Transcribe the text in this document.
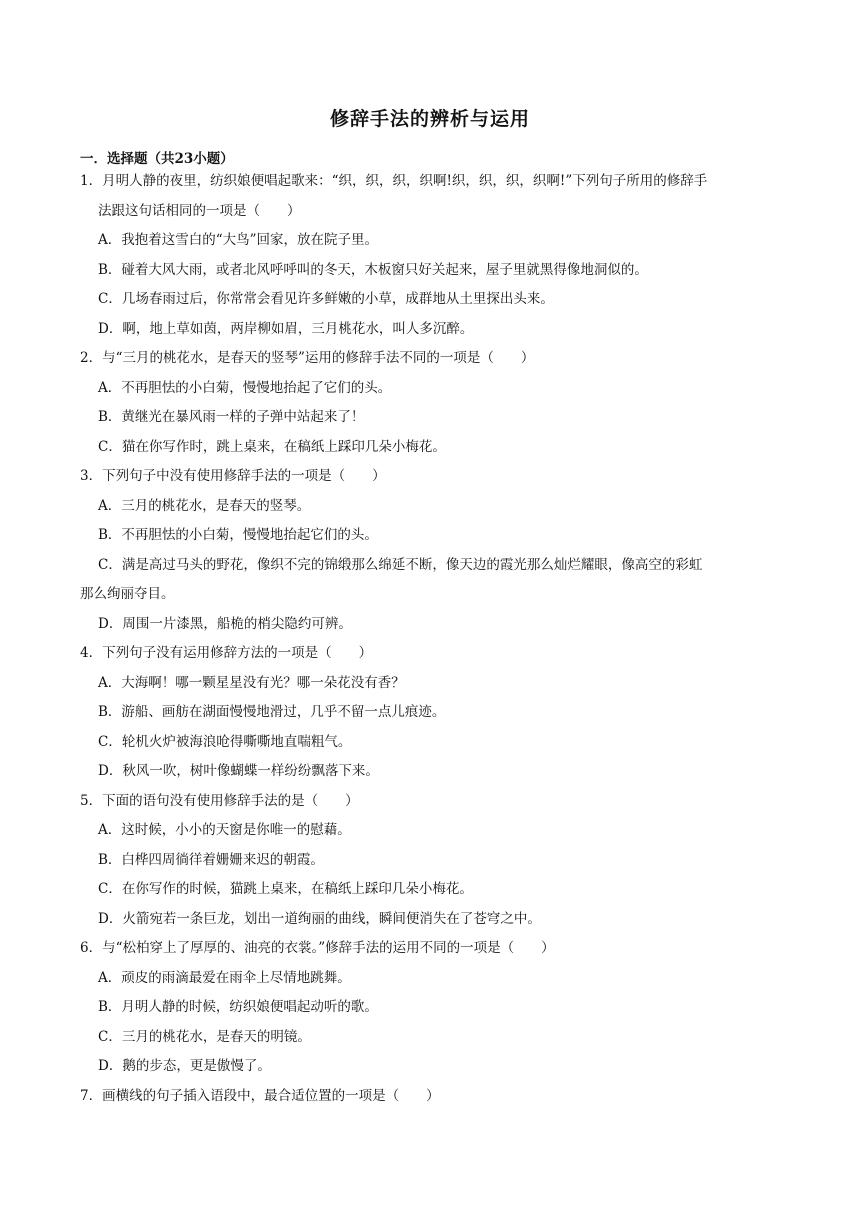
修辞手法的辨析与运用
一．选择题（共23小题）
1．月明人静的夜里，纺织娘便唱起歌来：“织，织，织，织啊!织，织，织，织啊!”下列句子所用的修辞手
法跟这句话相同的一项是（　　）
A．我抱着这雪白的“大鸟”回家，放在院子里。
B．碰着大风大雨，或者北风呼呼叫的冬天，木板窗只好关起来，屋子里就黑得像地洞似的。
C．几场春雨过后，你常常会看见许多鲜嫩的小草，成群地从土里探出头来。
D．啊，地上草如茵，两岸柳如眉，三月桃花水，叫人多沉醉。
2．与“三月的桃花水，是春天的竖琴”运用的修辞手法不同的一项是（　　）
A．不再胆怯的小白菊，慢慢地抬起了它们的头。
B．黄继光在暴风雨一样的子弹中站起来了！
C．猫在你写作时，跳上桌来，在稿纸上踩印几朵小梅花。
3．下列句子中没有使用修辞手法的一项是（　　）
A．三月的桃花水，是春天的竖琴。
B．不再胆怯的小白菊，慢慢地抬起它们的头。
C．满是高过马头的野花，像织不完的锦缎那么绵延不断，像天边的霞光那么灿烂耀眼，像高空的彩虹
那么绚丽夺目。
D．周围一片漆黑，船桅的梢尖隐约可辨。
4．下列句子没有运用修辞方法的一项是（　　）
A．大海啊！哪一颗星星没有光？哪一朵花没有香？
B．游船、画舫在湖面慢慢地滑过，几乎不留一点儿痕迹。
C．轮机火炉被海浪呛得嘶嘶地直喘粗气。
D．秋风一吹，树叶像蝴蝶一样纷纷飘落下来。
5．下面的语句没有使用修辞手法的是（　　）
A．这时候，小小的天窗是你唯一的慰藉。
B．白桦四周徜徉着姗姗来迟的朝霞。
C．在你写作的时候，猫跳上桌来，在稿纸上踩印几朵小梅花。
D．火箭宛若一条巨龙，划出一道绚丽的曲线，瞬间便消失在了苍穹之中。
6．与“松柏穿上了厚厚的、油亮的衣裳。”修辞手法的运用不同的一项是（　　）
A．顽皮的雨滴最爱在雨伞上尽情地跳舞。
B．月明人静的时候，纺织娘便唱起动听的歌。
C．三月的桃花水，是春天的明镜。
D．鹅的步态，更是傲慢了。
7．画横线的句子插入语段中，最合适位置的一项是（　　）
